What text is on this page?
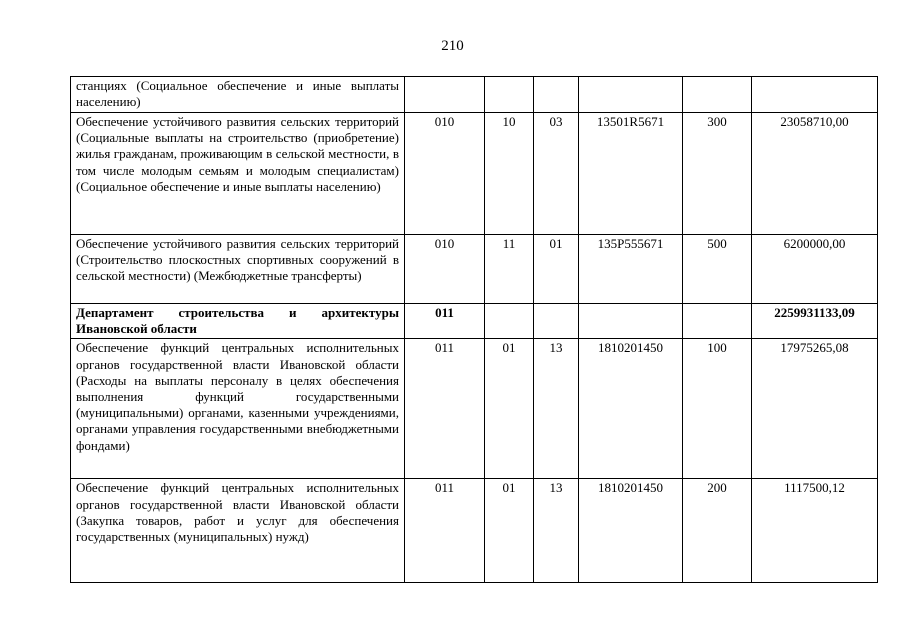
210
станциях (Социальное обеспечение и иные выплаты населению)						
Обеспечение устойчивого развития сельских территорий (Социальные выплаты на строительство (приобретение) жилья гражданам, проживающим в сельской местности, в том числе молодым семьям и молодым специалистам) (Социальное обеспечение и иные выплаты населению)	010	10	03	13501R5671	300	23058710,00
Обеспечение устойчивого развития сельских территорий (Строительство плоскостных спортивных сооружений в сельской местности) (Межбюджетные трансферты)	010	11	01	135P555671	500	6200000,00
Департамент строительства и архитектуры Ивановской области	011					2259931133,09
Обеспечение функций центральных исполнительных органов государственной власти Ивановской области (Расходы на выплаты персоналу в целях обеспечения выполнения функций государственными (муниципальными) органами, казенными учреждениями, органами управления государственными внебюджетными фондами)	011	01	13	1810201450	100	17975265,08
Обеспечение функций центральных исполнительных органов государственной власти Ивановской области (Закупка товаров, работ и услуг для обеспечения государственных (муниципальных) нужд)	011	01	13	1810201450	200	1117500,12
